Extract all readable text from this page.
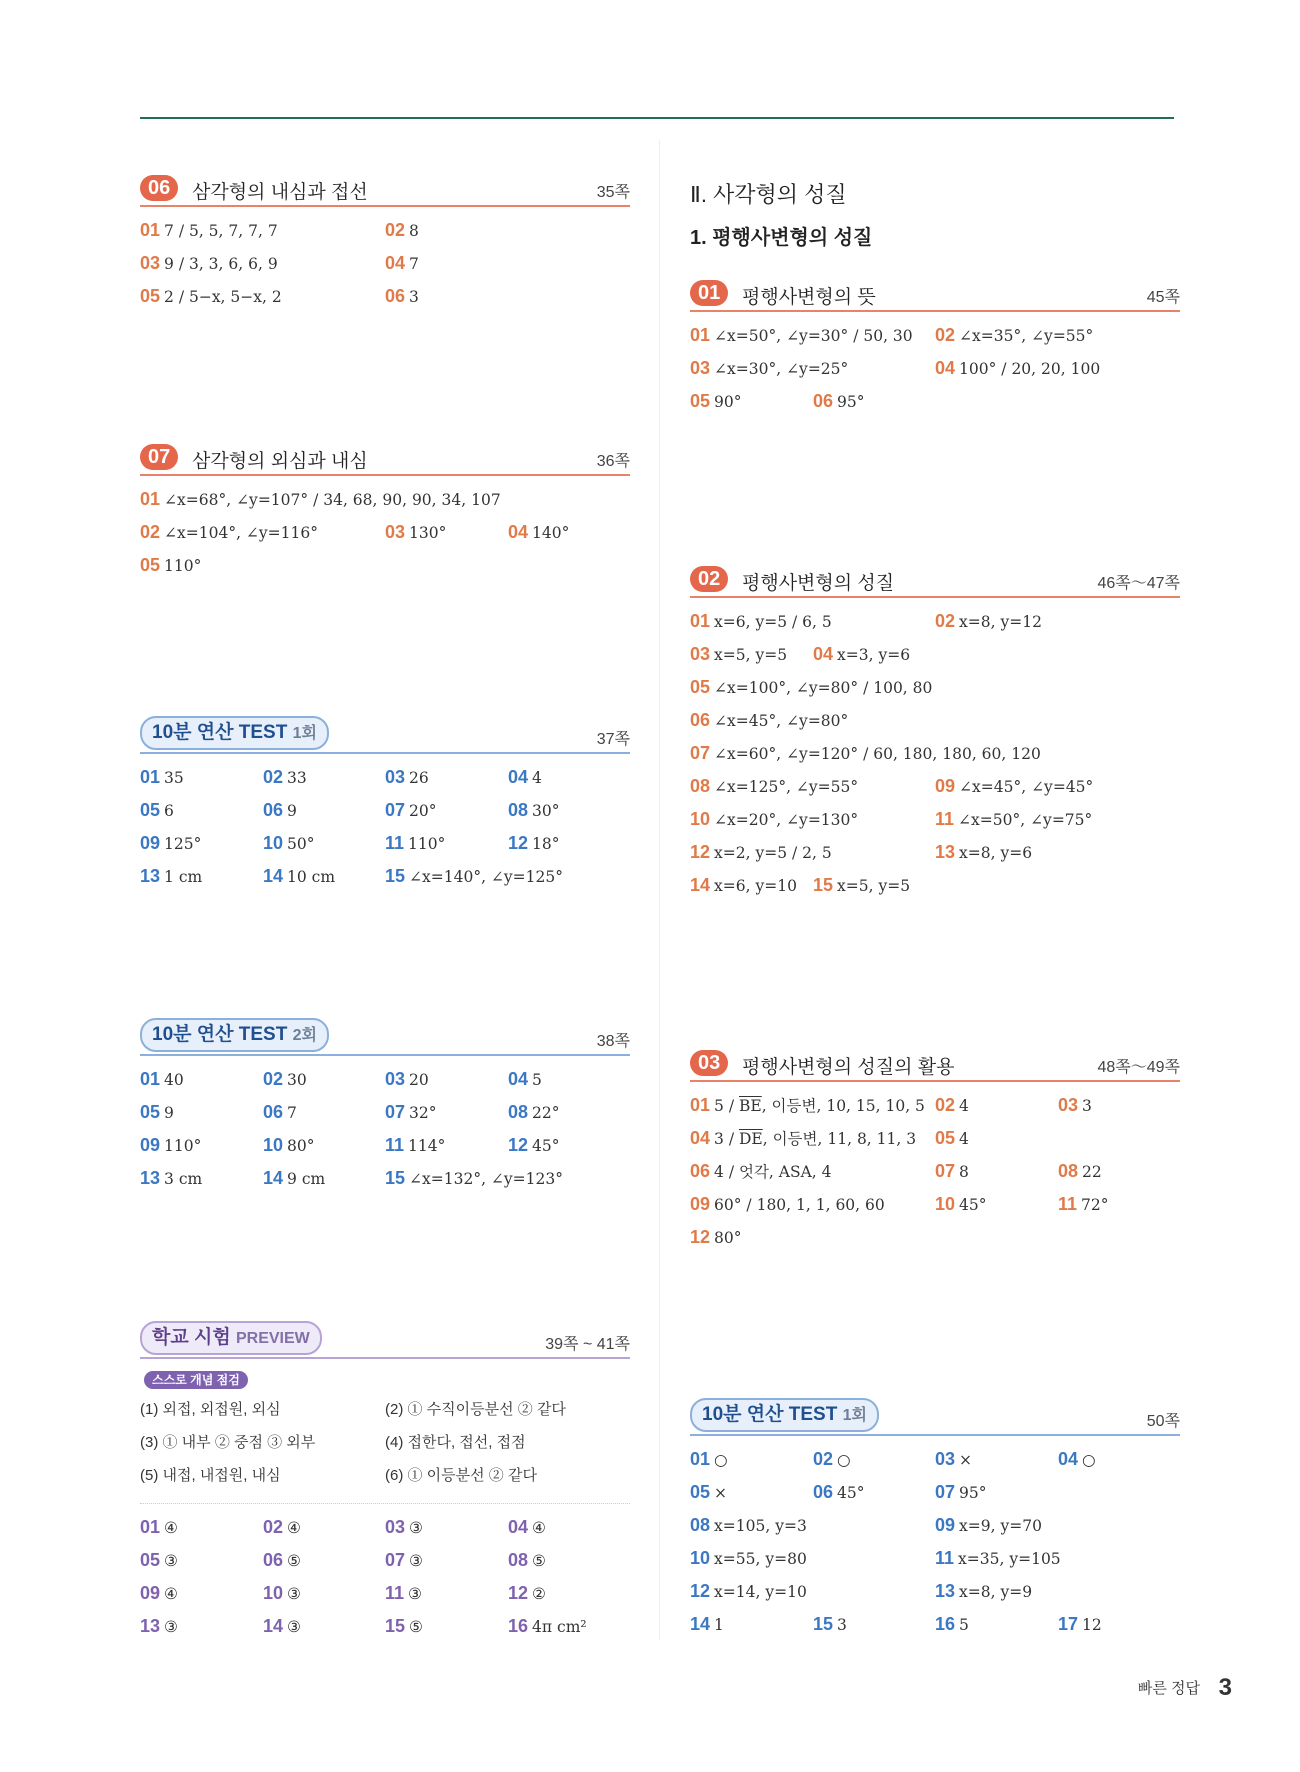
06	삼각형의 내심과 접선	35쪽
01 7 / 5, 5, 7, 7, 7	02 8
03 9 / 3, 3, 6, 6, 9	04 7
05 2 / 5−x, 5−x, 2	06 3
07	삼각형의 외심과 내심	36쪽
01 ∠x=68°, ∠y=107° / 34, 68, 90, 90, 34, 107
02 ∠x=104°, ∠y=116°	03 130°	04 140°
05 110°
10분 연산 TEST 1회	37쪽
01 35	02 33	03 26	04 4
05 6	06 9	07 20°	08 30°
09 125°	10 50°	11 110°	12 18°
13 1 cm	14 10 cm	15 ∠x=140°, ∠y=125°
10분 연산 TEST 2회	38쪽
01 40	02 30	03 20	04 5
05 9	06 7	07 32°	08 22°
09 110°	10 80°	11 114°	12 45°
13 3 cm	14 9 cm	15 ∠x=132°, ∠y=123°
학교 시험 PREVIEW	39쪽 ~ 41쪽
스스로 개념 점검
(1) 외접, 외접원, 외심	(2) ① 수직이등분선 ② 같다
(3) ① 내부 ② 중점 ③ 외부	(4) 접한다, 접선, 접점
(5) 내접, 내접원, 내심	(6) ① 이등분선 ② 같다
01 ④	02 ④	03 ③	04 ④
05 ③	06 ⑤	07 ③	08 ⑤
09 ④	10 ③	11 ③	12 ②
13 ③	14 ③	15 ⑤	16 4π cm²
Ⅱ. 사각형의 성질
1. 평행사변형의 성질
01	평행사변형의 뜻	45쪽
01 ∠x=50°, ∠y=30° / 50, 30 02 ∠x=35°, ∠y=55°
03 ∠x=30°, ∠y=25°	04 100° / 20, 20, 100
05 90°	06 95°
02	평행사변형의 성질	46쪽～47쪽
01 x=6, y=5 / 6, 5	02 x=8, y=12
03 x=5, y=5 04 x=3, y=6
05 ∠x=100°, ∠y=80° / 100, 80
06 ∠x=45°, ∠y=80°
07 ∠x=60°, ∠y=120° / 60, 180, 180, 60, 120
08 ∠x=125°, ∠y=55°	09 ∠x=45°, ∠y=45°
10 ∠x=20°, ∠y=130°	11 ∠x=50°, ∠y=75°
12 x=2, y=5 / 2, 5	13 x=8, y=6
14 x=6, y=10 15 x=5, y=5
03	평행사변형의 성질의 활용	48쪽～49쪽
01 $5 / \overline{BE}$, 이등변, 10, 15, 10, 5 02 4	03 3
04 $3 / \overline{DE}$, 이등변, 11, 8, 11, 3 05 4
06 4 / 엇각, ASA, 4	07 8	08 22
09 60° / 180, 1, 1, 60, 60	10 45°	11 72°
12 80°
10분 연산 TEST 1회	50쪽
01 ○	02 ○	03 ×	04 ○
05 ×	06 45°	07 95°
08 x=105, y=3	09 x=9, y=70
10 x=55, y=80	11 x=35, y=105
12 x=14, y=10	13 x=8, y=9
14 1	15 3	16 5	17 12
빠른 정답 3
